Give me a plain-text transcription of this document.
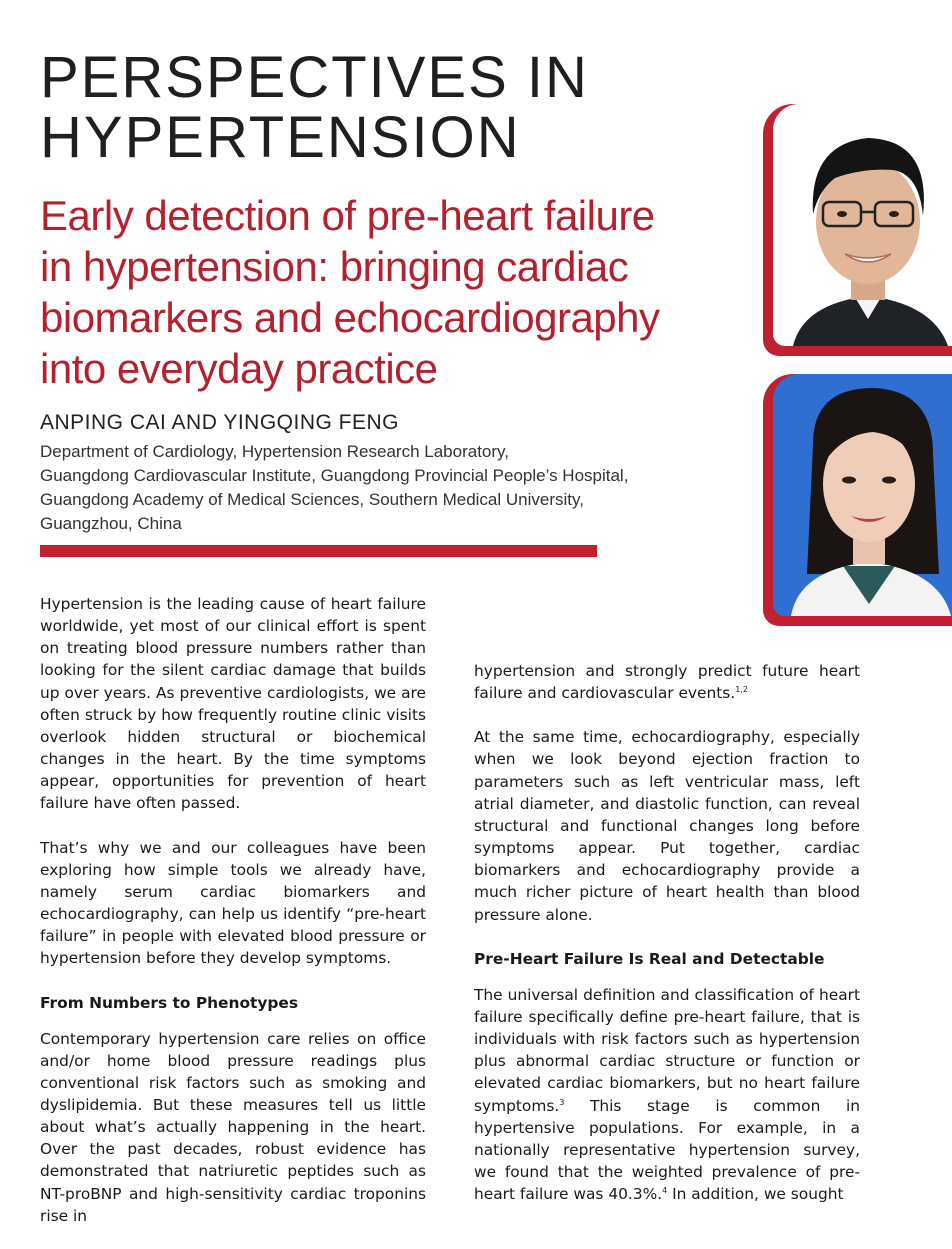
PERSPECTIVES IN
HYPERTENSION
Early detection of pre-heart failure
in hypertension: bringing cardiac
biomarkers and echocardiography
into everyday practice

ANPING CAI AND YINGQING FENG

Department of Cardiology, Hypertension Research Laboratory,
Guangdong Cardiovascular Institute, Guangdong Provincial People’s Hospital,
Guangdong Academy of Medical Sciences, Southern Medical University,
Guangzhou, China

Hypertension is the leading cause of heart failure worldwide, yet most of our clinical effort is spent on treating blood pressure numbers rather than looking for the silent cardiac damage that builds up over years. As preventive cardiologists, we are often struck by how frequently routine clinic visits overlook hidden structural or biochemical changes in the heart. By the time symptoms appear, opportunities for prevention of heart failure have often passed.

That’s why we and our colleagues have been exploring how simple tools we already have, namely serum cardiac biomarkers and echocardiography, can help us identify “pre-heart failure” in people with elevated blood pressure or hypertension before they develop symptoms.

From Numbers to Phenotypes

Contemporary hypertension care relies on office and/or home blood pressure readings plus conventional risk factors such as smoking and dyslipidemia. But these measures tell us little about what’s actually happening in the heart. Over the past decades, robust evidence has demonstrated that natriuretic peptides such as NT-proBNP and high-sensitivity cardiac troponins rise in

hypertension and strongly predict future heart failure and cardiovascular events.$^{1,2}$

At the same time, echocardiography, especially when we look beyond ejection fraction to parameters such as left ventricular mass, left atrial diameter, and diastolic function, can reveal structural and functional changes long before symptoms appear. Put together, cardiac biomarkers and echocardiography provide a much richer picture of heart health than blood pressure alone.

Pre-Heart Failure Is Real and Detectable

The universal definition and classification of heart failure specifically define pre-heart failure, that is individuals with risk factors such as hypertension plus abnormal cardiac structure or function or elevated cardiac biomarkers, but no heart failure symptoms.$^3$ This stage is common in hypertensive populations. For example, in a nationally representative hypertension survey, we found that the weighted prevalence of pre-heart failure was 40.3%.$^4$ In addition, we sought
